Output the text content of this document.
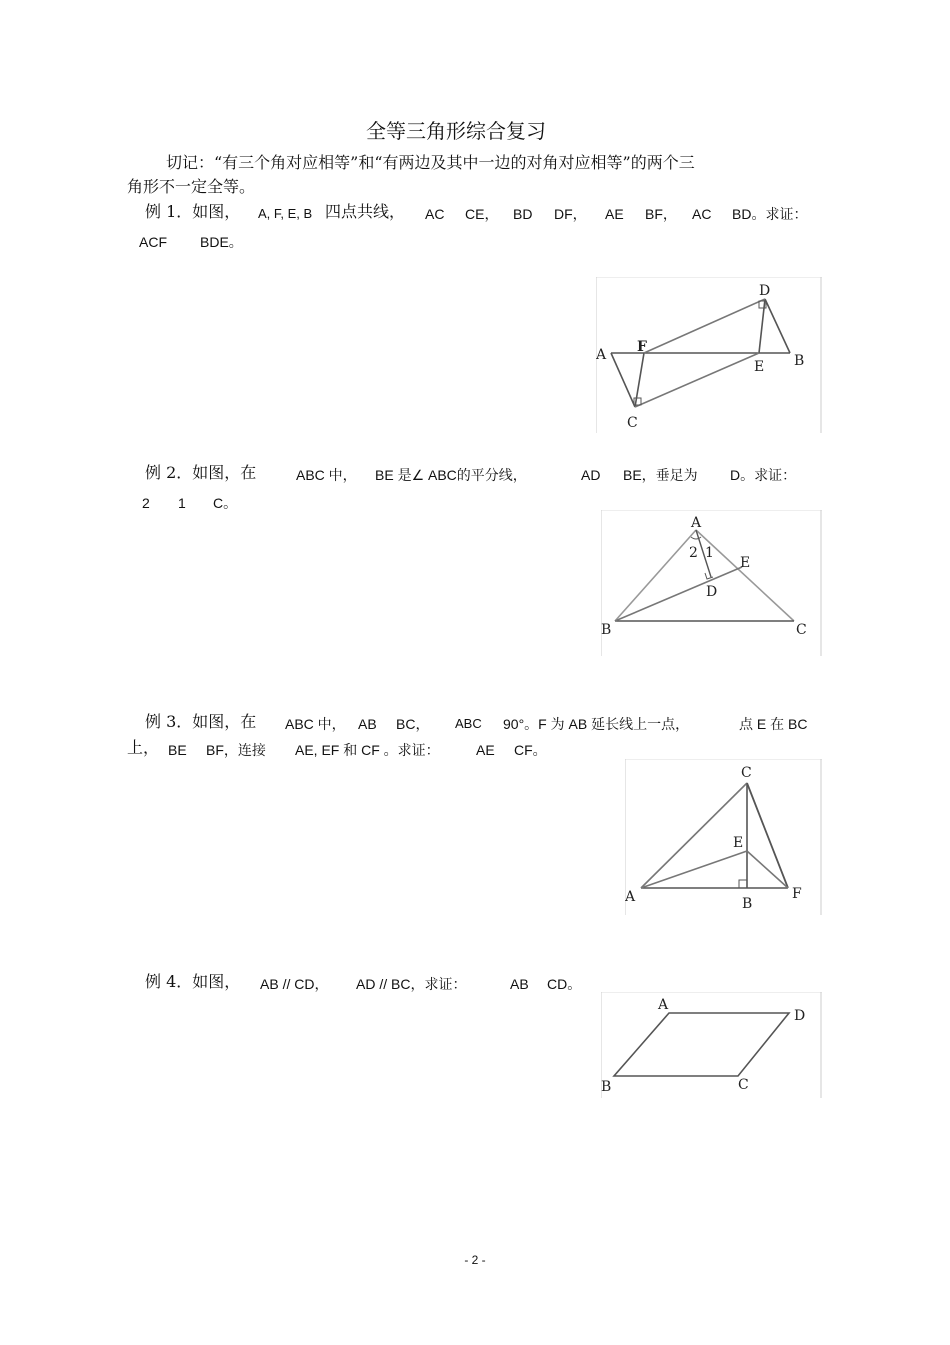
全等三角形综合复习
切记：“有三个角对应相等”和“有两边及其中一边的对角对应相等”的两个三
角形不一定全等。
例 1．如图， A, F, E, B 四点共线， AC CE， BD DF， AE BF， AC BD。求证：
ACF BDE。
A F
E B
C
D
例 2．如图，在	ABC 中， BE 是∠ ABC的平分线，	AD BE，垂足为 D。求证：
2 1 C。
A
2 1
E
D
B	C
例 3．如图，在 ABC 中， AB BC， ABC 90°。F 为 AB 延长线上一点，	点 E 在 BC
上， BE BF，连接 AE, EF 和 CF 。求证：	AE CF。
C
E
A	B
F
例 4．如图， AB // CD， AD // BC，求证：	AB CD。
A
D
B	C
- 2 -
